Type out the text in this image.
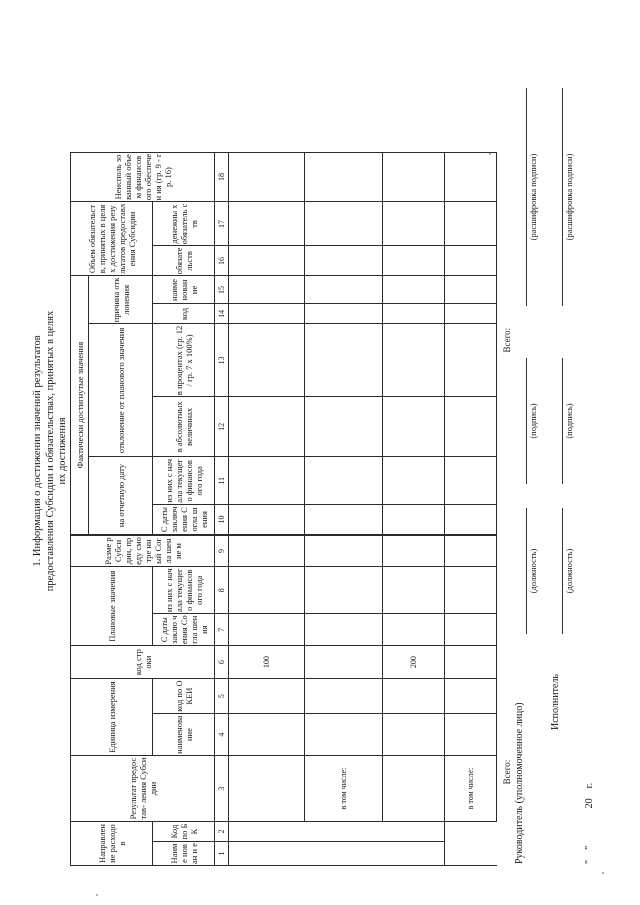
1. Информация о достижении значений результатов предоставления Субсидии и обязательствах, принятых в целях их достижения
Направление расходов		Результат предостав- ления Субсидии	Единица измерения		код строки	Плановые значения		Разме р Субси дии, преду смотре нный Согла шение м	Фактически достигнутые значения						Объем обязательств, принятых в целях достижения результатов предоставления Субсидии		Неисполь зованный объем финансов ого обеспечен ия (гр. 9 - гр. 16)	
									на отчетную дату		отклонение от планового значения		причина отклонения					
Наиме нован и е	Код по БК		наименова ние	код по ОКЕИ		С даты заклю чения Согла шения	из них с начала текущего финансов ого года		С даты заключ ения Согла шения	из них с начала текущего финансов ого года	в абсолютных величинах	в процентах (гр. 12 / гр. 7 x 100%)	код	наиме нован ие	обязате льств	денежны х обязатель ств		
1	2	3	4	5	6	7	8	9	10	11	12	13	14	15	16	17	18	
					100													
		в том числе:																
					200													
		в том числе:																
Всего:									Всего:									
Руководитель (уполномоченное лицо)
(должность)
(подпись)
(расшифровка подписи)
Исполнитель
(должность)
(подпись)
(расшифровка подписи)
"    "               20    г.
